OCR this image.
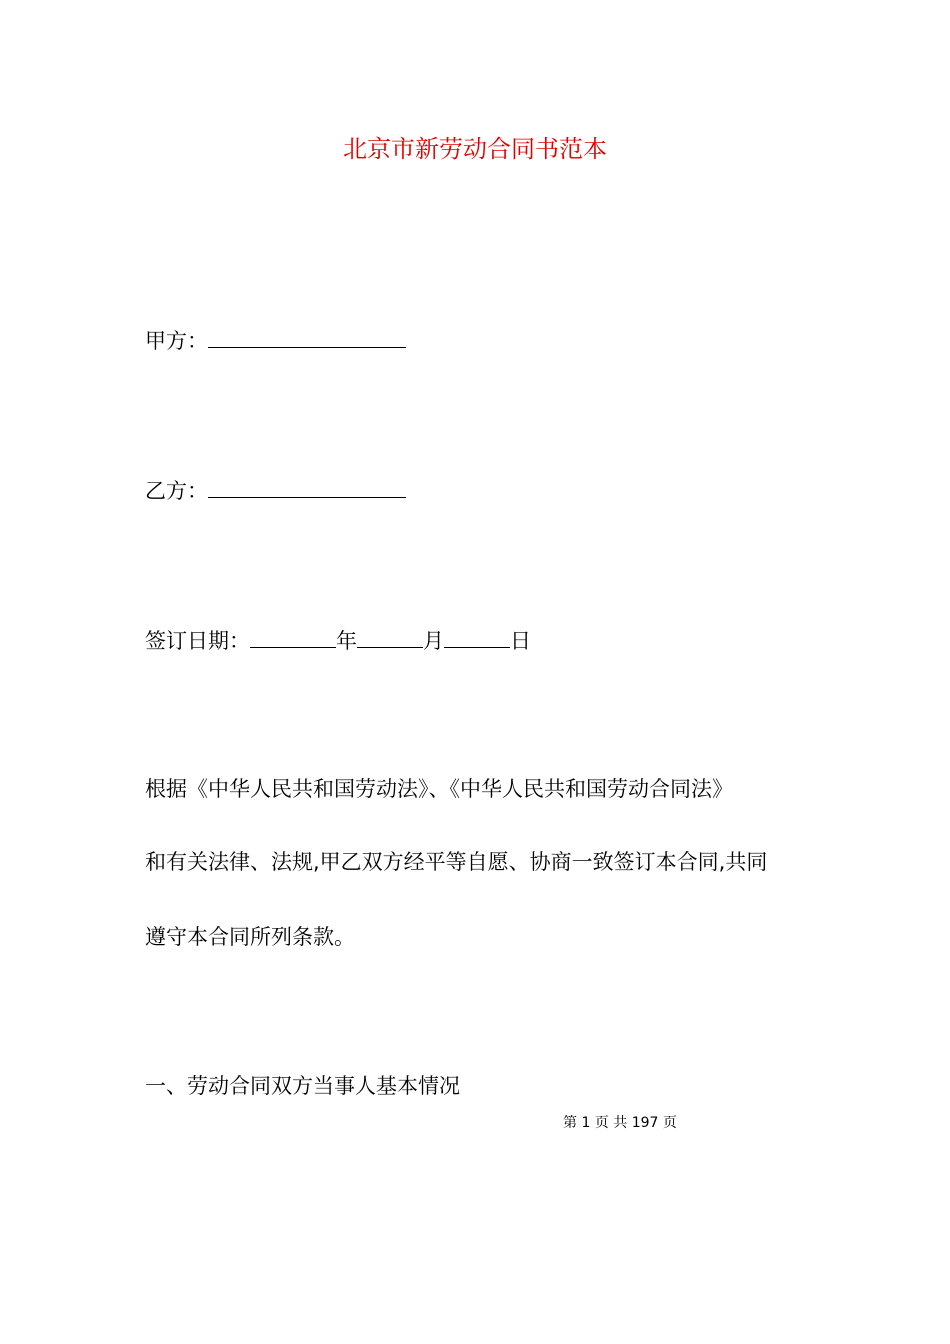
北京市新劳动合同书范本
甲方：
乙方：
签订日期：	年	月	日
根据《中华人民共和国劳动法》、《中华人民共和国劳动合同法》
和有关法律、法规,甲乙双方经平等自愿、协商一致签订本合同,共同
遵守本合同所列条款。
一、劳动合同双方当事人基本情况
第 1 页 共 197 页
